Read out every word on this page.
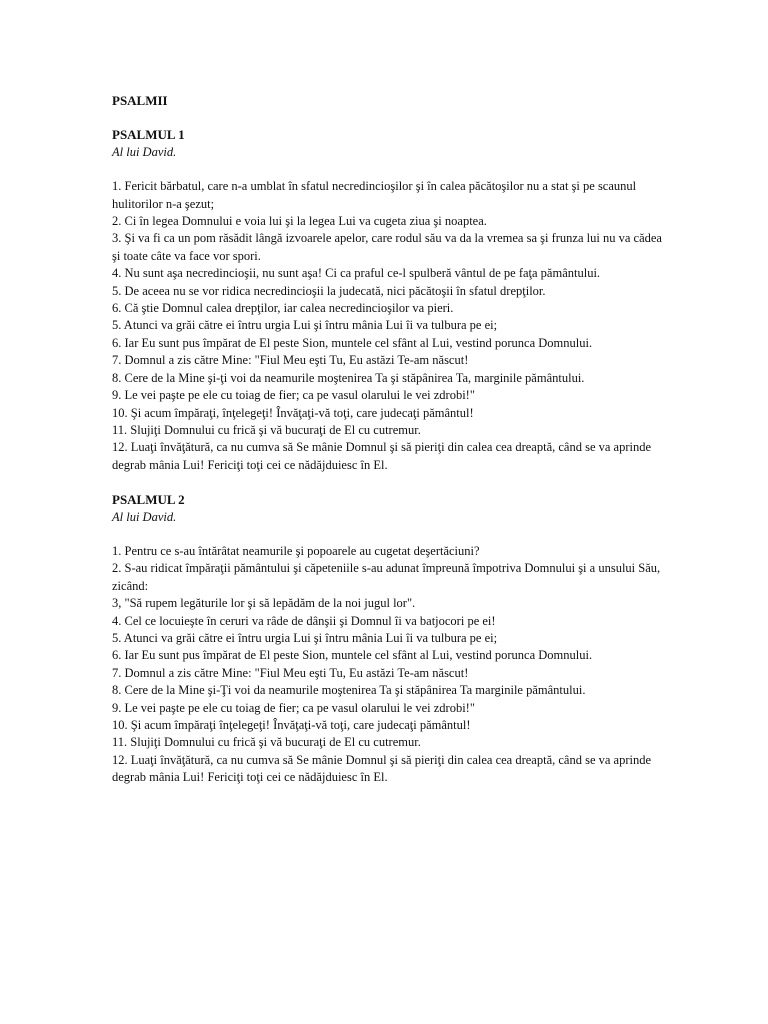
PSALMII
PSALMUL 1
Al lui David.
1. Fericit bărbatul, care n-a umblat în sfatul necredincioşilor şi în calea păcătoşilor nu a stat şi pe scaunul hulitorilor n-a şezut;
2. Ci în legea Domnului e voia lui şi la legea Lui va cugeta ziua şi noaptea.
3. Şi va fi ca un pom răsădit lângă izvoarele apelor, care rodul său va da la vremea sa şi frunza lui nu va cădea şi toate câte va face vor spori.
4. Nu sunt aşa necredincioşii, nu sunt aşa! Ci ca praful ce-l spulberă vântul de pe faţa pământului.
5. De aceea nu se vor ridica necredincioşii la judecată, nici păcătoşii în sfatul drepţilor.
6. Că ştie Domnul calea drepţilor, iar calea necredincioşilor va pieri.
5. Atunci va grăi către ei întru urgia Lui şi întru mânia Lui îi va tulbura pe ei;
6. Iar Eu sunt pus împărat de El peste Sion, muntele cel sfânt al Lui, vestind porunca Domnului.
7. Domnul a zis către Mine: "Fiul Meu eşti Tu, Eu astăzi Te-am născut!
8. Cere de la Mine şi-ţi voi da neamurile moştenirea Ta şi stăpânirea Ta, marginile pământului.
9. Le vei paşte pe ele cu toiag de fier; ca pe vasul olarului le vei zdrobi!"
10. Şi acum împăraţi, înţelegeţi! Învăţaţi-vă toţi, care judecaţi pământul!
11. Slujiţi Domnului cu frică şi vă bucuraţi de El cu cutremur.
12. Luaţi învăţătură, ca nu cumva să Se mânie Domnul şi să pieriţi din calea cea dreaptă, când se va aprinde degrab mânia Lui! Fericiţi toţi cei ce nădăjduiesc în El.
PSALMUL 2
Al lui David.
1. Pentru ce s-au întărâtat neamurile şi popoarele au cugetat deşertăciuni?
2. S-au ridicat împăraţii pământului şi căpeteniile s-au adunat împreună împotriva Domnului şi a unsului Său, zicând:
3, "Să rupem legăturile lor şi să lepădăm de la noi jugul lor".
4. Cel ce locuieşte în ceruri va râde de dânşii şi Domnul îi va batjocori pe ei!
5. Atunci va grăi către ei întru urgia Lui şi întru mânia Lui îi va tulbura pe ei;
6. Iar Eu sunt pus împărat de El peste Sion, muntele cel sfânt al Lui, vestind porunca Domnului.
7. Domnul a zis către Mine: "Fiul Meu eşti Tu, Eu astăzi Te-am născut!
8. Cere de la Mine şi-Ţi voi da neamurile moştenirea Ta şi stăpânirea Ta marginile pământului.
9. Le vei paşte pe ele cu toiag de fier; ca pe vasul olarului le vei zdrobi!"
10. Şi acum împăraţi înţelegeţi! Învăţaţi-vă toţi, care judecaţi pământul!
11. Slujiţi Domnului cu frică şi vă bucuraţi de El cu cutremur.
12. Luaţi învăţătură, ca nu cumva să Se mânie Domnul şi să pieriţi din calea cea dreaptă, când se va aprinde degrab mânia Lui! Fericiţi toţi cei ce nădăjduiesc în El.
